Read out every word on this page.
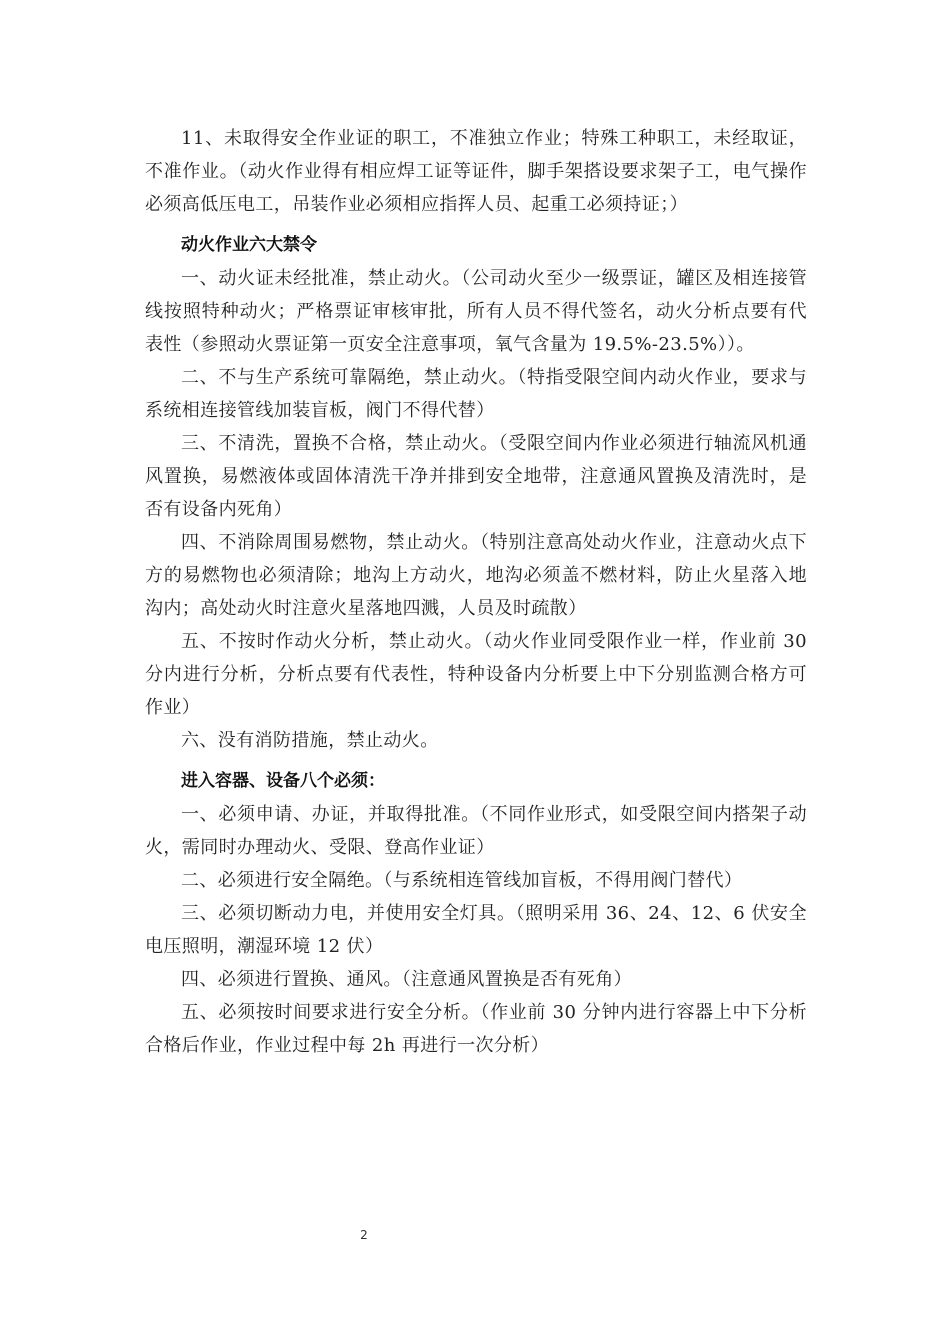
11、未取得安全作业证的职工，不准独立作业；特殊工种职工，未经取证，不准作业。（动火作业得有相应焊工证等证件，脚手架搭设要求架子工，电气操作必须高低压电工，吊装作业必须相应指挥人员、起重工必须持证；）

动火作业六大禁令

一、动火证未经批准，禁止动火。（公司动火至少一级票证，罐区及相连接管线按照特种动火；严格票证审核审批，所有人员不得代签名，动火分析点要有代表性（参照动火票证第一页安全注意事项，氧气含量为 19.5%-23.5%））。

二、不与生产系统可靠隔绝，禁止动火。（特指受限空间内动火作业，要求与系统相连接管线加装盲板，阀门不得代替）

三、不清洗，置换不合格，禁止动火。（受限空间内作业必须进行轴流风机通风置换，易燃液体或固体清洗干净并排到安全地带，注意通风置换及清洗时，是否有设备内死角）

四、不消除周围易燃物，禁止动火。（特别注意高处动火作业，注意动火点下方的易燃物也必须清除；地沟上方动火，地沟必须盖不燃材料，防止火星落入地沟内；高处动火时注意火星落地四溅，人员及时疏散）

五、不按时作动火分析，禁止动火。（动火作业同受限作业一样，作业前 30 分内进行分析，分析点要有代表性，特种设备内分析要上中下分别监测合格方可作业）

六、没有消防措施，禁止动火。

进入容器、设备八个必须：

一、必须申请、办证，并取得批准。（不同作业形式，如受限空间内搭架子动火，需同时办理动火、受限、登高作业证）

二、必须进行安全隔绝。（与系统相连管线加盲板，不得用阀门替代）

三、必须切断动力电，并使用安全灯具。（照明采用 36、24、12、6 伏安全电压照明，潮湿环境 12 伏）

四、必须进行置换、通风。（注意通风置换是否有死角）

五、必须按时间要求进行安全分析。（作业前 30 分钟内进行容器上中下分析合格后作业，作业过程中每 2h 再进行一次分析）

2
